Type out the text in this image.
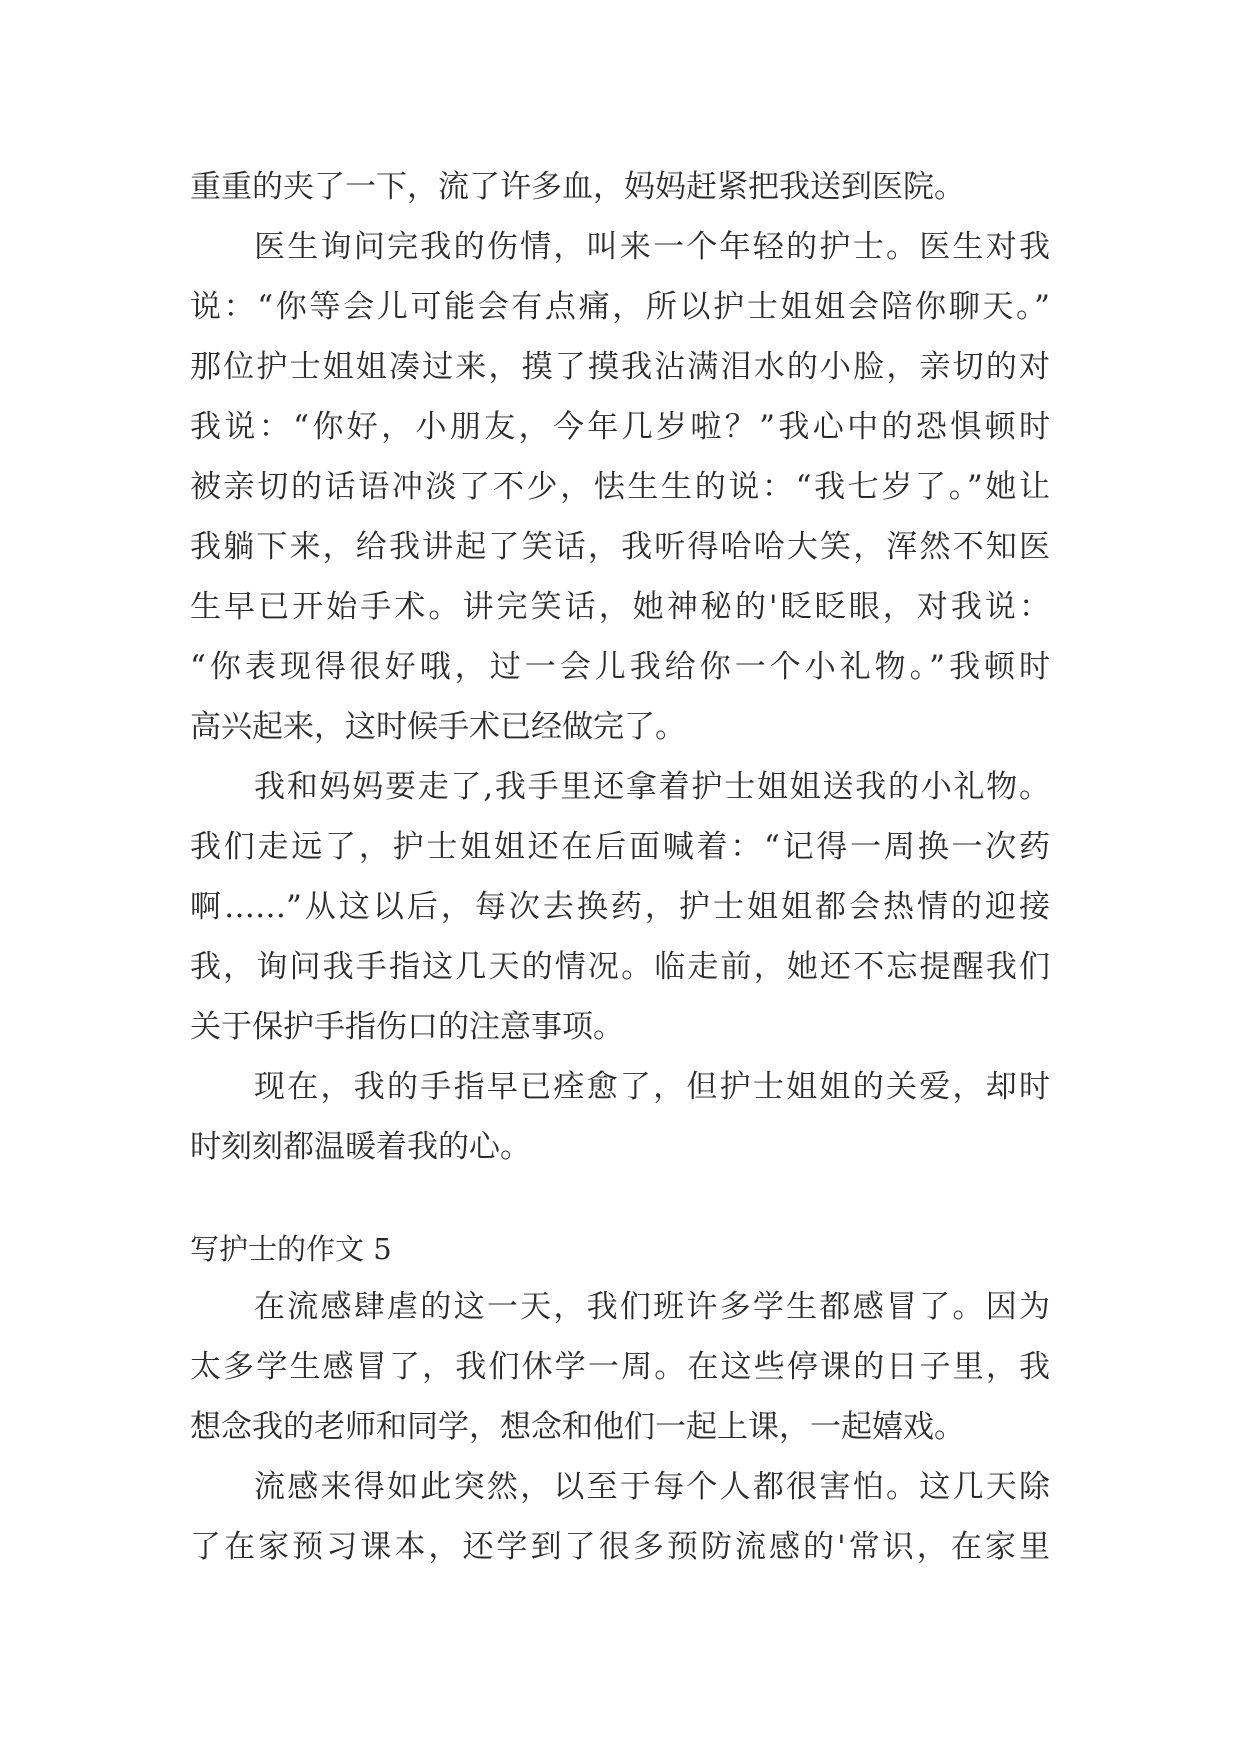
重重的夹了一下，流了许多血，妈妈赶紧把我送到医院。

医生询问完我的伤情，叫来一个年轻的护士。医生对我

说：“你等会儿可能会有点痛，所以护士姐姐会陪你聊天。”

那位护士姐姐凑过来，摸了摸我沾满泪水的小脸，亲切的对

我说：“你好，小朋友，今年几岁啦？”我心中的恐惧顿时

被亲切的话语冲淡了不少，怯生生的说：“我七岁了。”她让

我躺下来，给我讲起了笑话，我听得哈哈大笑，浑然不知医

生早已开始手术。讲完笑话，她神秘的'眨眨眼，对我说：

“你表现得很好哦，过一会儿我给你一个小礼物。”我顿时

高兴起来，这时候手术已经做完了。

我和妈妈要走了,我手里还拿着护士姐姐送我的小礼物。

我们走远了，护士姐姐还在后面喊着：“记得一周换一次药

啊……”从这以后，每次去换药，护士姐姐都会热情的迎接

我，询问我手指这几天的情况。临走前，她还不忘提醒我们

关于保护手指伤口的注意事项。

现在，我的手指早已痊愈了，但护士姐姐的关爱，却时

时刻刻都温暖着我的心。

写护士的作文 5

在流感肆虐的这一天，我们班许多学生都感冒了。因为

太多学生感冒了，我们休学一周。在这些停课的日子里，我

想念我的老师和同学，想念和他们一起上课，一起嬉戏。

流感来得如此突然，以至于每个人都很害怕。这几天除

了在家预习课本，还学到了很多预防流感的'常识，在家里
